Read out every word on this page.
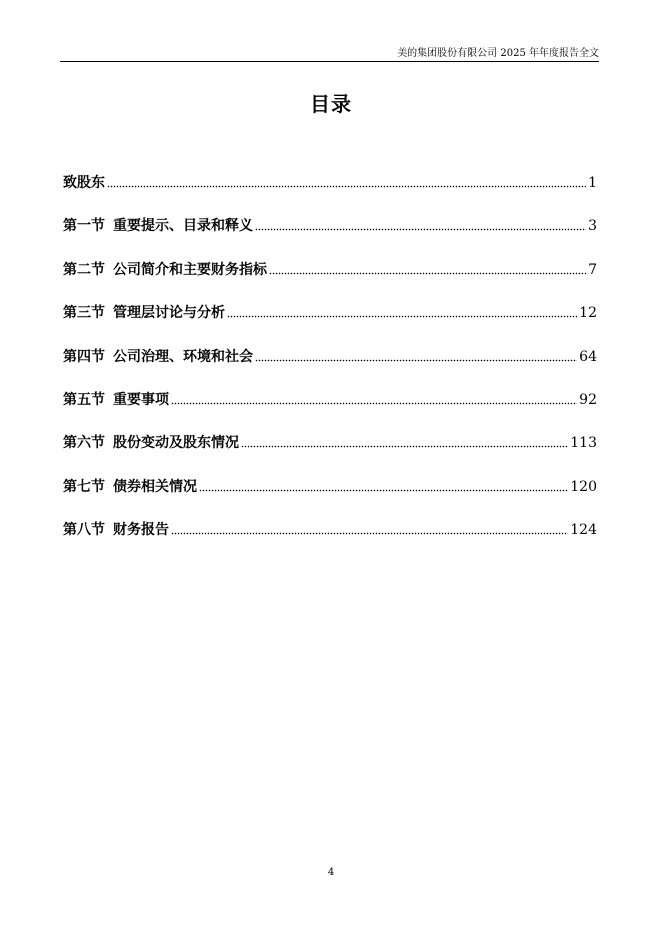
美的集团股份有限公司 2025 年年度报告全文
目录
致股东	1
第一节 重要提示、目录和释义	3
第二节 公司简介和主要财务指标	7
第三节 管理层讨论与分析	12
第四节 公司治理、环境和社会	64
第五节 重要事项	92
第六节 股份变动及股东情况	113
第七节 债券相关情况	120
第八节 财务报告	124
4
